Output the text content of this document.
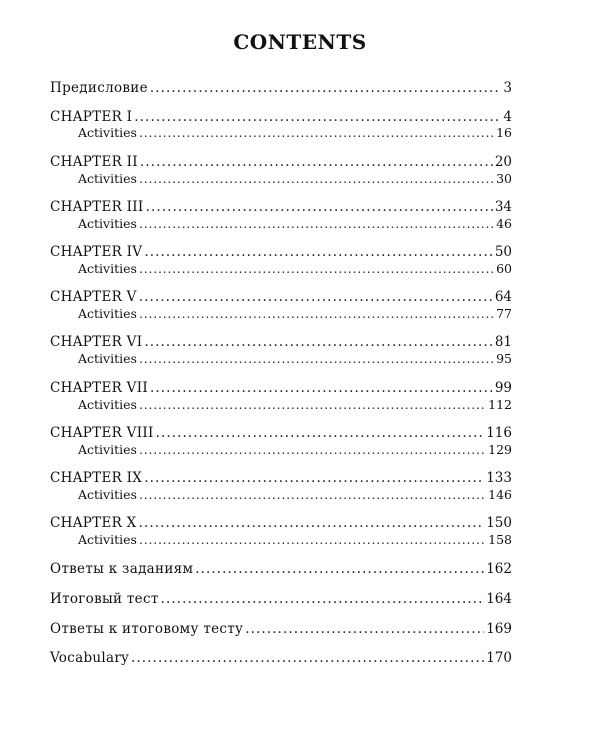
CONTENTS
Предисловие . . .	3
CHAPTER I . . .	4
Activities . . .	16
CHAPTER II . . .	20
Activities . . .	30
CHAPTER III . . .	34
Activities . . .	46
CHAPTER IV . . .	50
Activities . . .	60
CHAPTER V . . .	64
Activities . . .	77
CHAPTER VI . . .	81
Activities . . .	95
CHAPTER VII . . .	99
Activities . . .	112
CHAPTER VIII . . .	116
Activities . . .	129
CHAPTER IX . . .	133
Activities . . .	146
CHAPTER X . . .	150
Activities . . .	158
Ответы к заданиям . . .	162
Итоговый тест . . .	164
Ответы к итоговому тесту . . .	169
Vocabulary . . .	170
